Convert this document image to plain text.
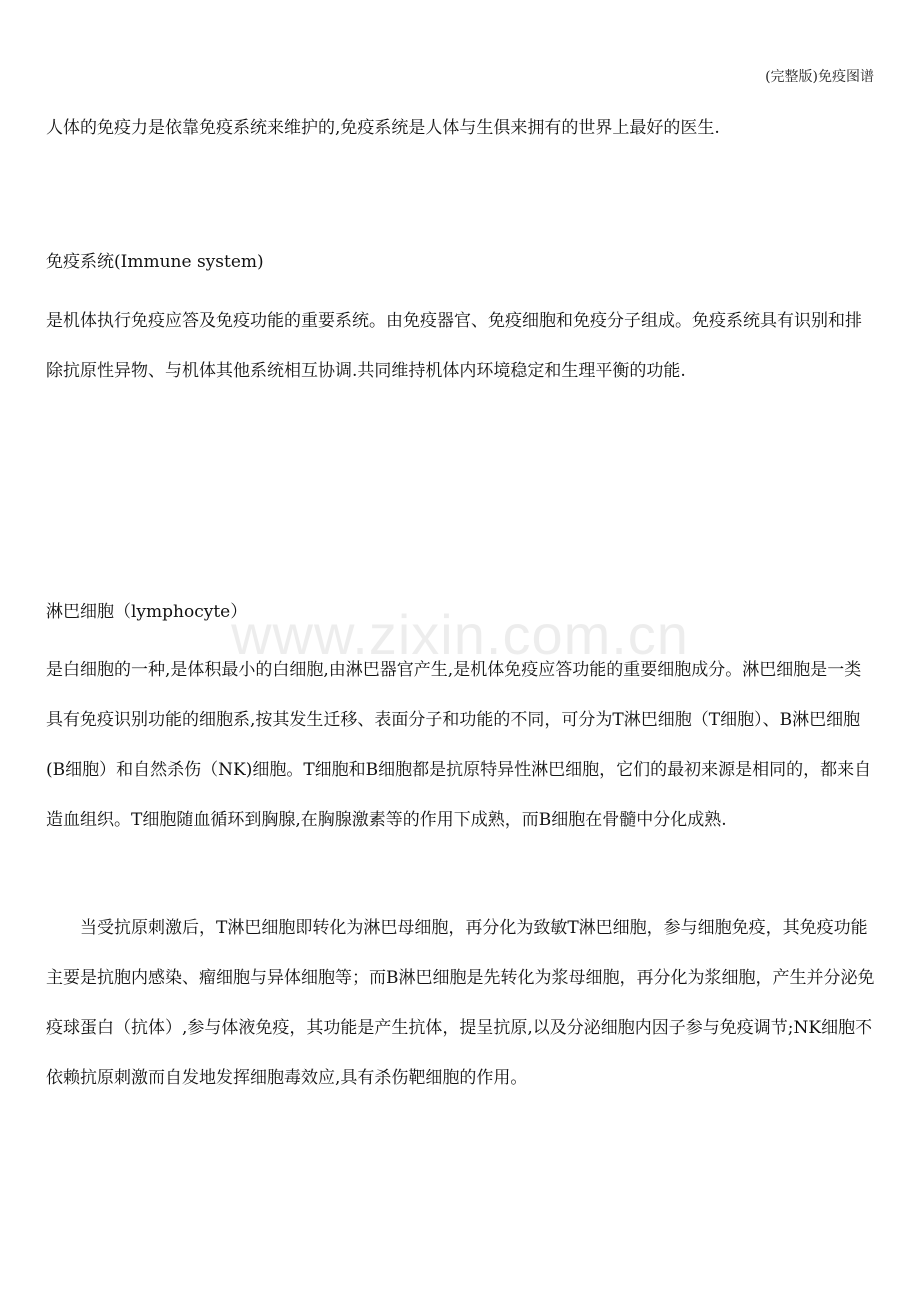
(完整版)免疫图谱

人体的免疫力是依靠免疫系统来维护的,免疫系统是人体与生俱来拥有的世界上最好的医生.

免疫系统(Immune system)

是机体执行免疫应答及免疫功能的重要系统。由免疫器官、免疫细胞和免疫分子组成。免疫系统具有识别和排除抗原性异物、与机体其他系统相互协调.共同维持机体内环境稳定和生理平衡的功能.

淋巴细胞（lymphocyte）

www.zixin.com.cn

是白细胞的一种,是体积最小的白细胞,由淋巴器官产生,是机体免疫应答功能的重要细胞成分。淋巴细胞是一类具有免疫识别功能的细胞系,按其发生迁移、表面分子和功能的不同，可分为T淋巴细胞（T细胞）、B淋巴细胞(B细胞）和自然杀伤（NK)细胞。T细胞和B细胞都是抗原特异性淋巴细胞，它们的最初来源是相同的，都来自造血组织。T细胞随血循环到胸腺,在胸腺激素等的作用下成熟，而B细胞在骨髓中分化成熟.

当受抗原刺激后，T淋巴细胞即转化为淋巴母细胞，再分化为致敏T淋巴细胞，参与细胞免疫，其免疫功能主要是抗胞内感染、瘤细胞与异体细胞等；而B淋巴细胞是先转化为浆母细胞，再分化为浆细胞，产生并分泌免疫球蛋白（抗体）,参与体液免疫，其功能是产生抗体，提呈抗原,以及分泌细胞内因子参与免疫调节;NK细胞不依赖抗原刺激而自发地发挥细胞毒效应,具有杀伤靶细胞的作用。
